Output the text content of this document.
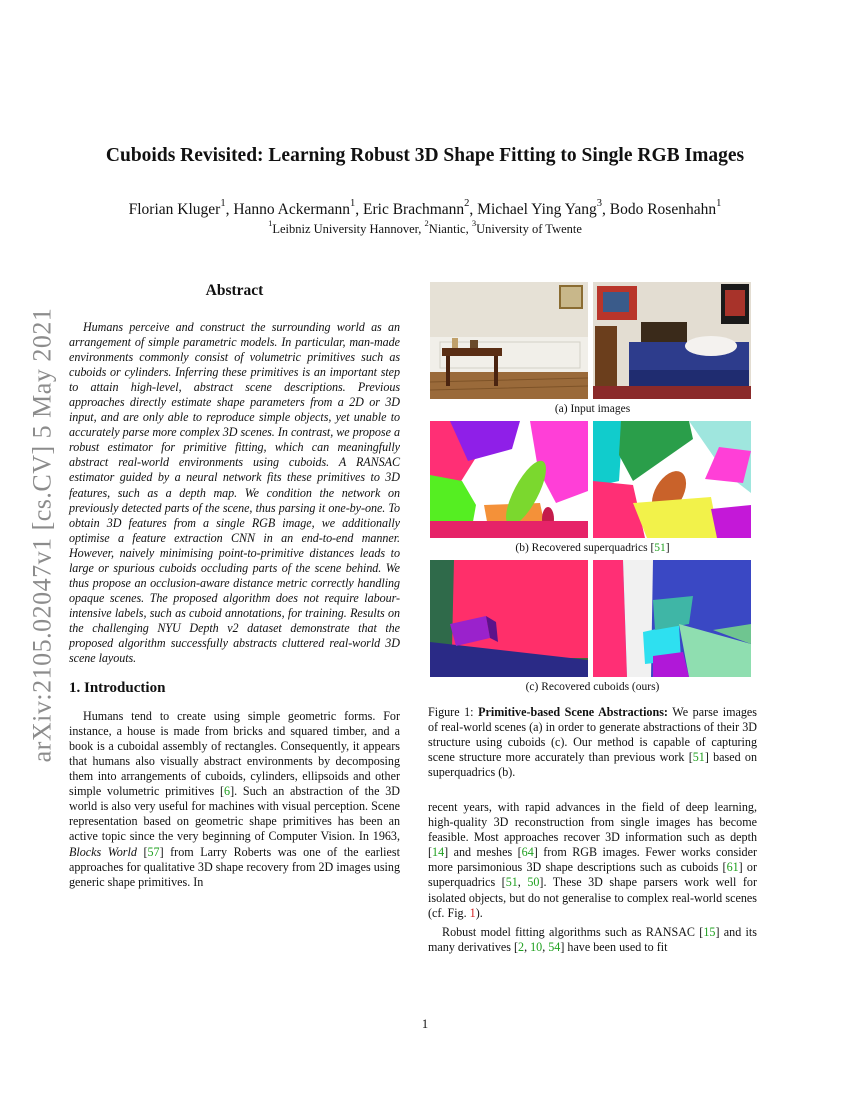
arXiv:2105.02047v1 [cs.CV] 5 May 2021
Cuboids Revisited: Learning Robust 3D Shape Fitting to Single RGB Images

Florian Kluger$^1$, Hanno Ackermann$^1$, Eric Brachmann$^2$, Michael Ying Yang$^3$, Bodo Rosenhahn$^1$

$^1$Leibniz University Hannover, $^2$Niantic, $^3$University of Twente

Abstract

Humans perceive and construct the surrounding world as an arrangement of simple parametric models. In particular, man-made environments commonly consist of volumetric primitives such as cuboids or cylinders. Inferring these primitives is an important step to attain high-level, abstract scene descriptions. Previous approaches directly estimate shape parameters from a 2D or 3D input, and are only able to reproduce simple objects, yet unable to accurately parse more complex 3D scenes. In contrast, we propose a robust estimator for primitive fitting, which can meaningfully abstract real-world environments using cuboids. A RANSAC estimator guided by a neural network fits these primitives to 3D features, such as a depth map. We condition the network on previously detected parts of the scene, thus parsing it one-by-one. To obtain 3D features from a single RGB image, we additionally optimise a feature extraction CNN in an end-to-end manner. However, naively minimising point-to-primitive distances leads to large or spurious cuboids occluding parts of the scene behind. We thus propose an occlusion-aware distance metric correctly handling opaque scenes. The proposed algorithm does not require labour-intensive labels, such as cuboid annotations, for training. Results on the challenging NYU Depth v2 dataset demonstrate that the proposed algorithm successfully abstracts cluttered real-world 3D scene layouts.

1. Introduction

Humans tend to create using simple geometric forms. For instance, a house is made from bricks and squared timber, and a book is a cuboidal assembly of rectangles. Consequently, it appears that humans also visually abstract environments by decomposing them into arrangements of cuboids, cylinders, ellipsoids and other simple volumetric primitives [6]. Such an abstraction of the 3D world is also very useful for machines with visual perception. Scene representation based on geometric shape primitives has been an active topic since the very beginning of Computer Vision. In 1963, Blocks World [57] from Larry Roberts was one of the earliest approaches for qualitative 3D shape recovery from 2D images using generic shape primitives. In

(a) Input images
(b) Recovered superquadrics [51]
(c) Recovered cuboids (ours)

Figure 1: Primitive-based Scene Abstractions: We parse images of real-world scenes (a) in order to generate abstractions of their 3D structure using cuboids (c). Our method is capable of capturing scene structure more accurately than previous work [51] based on superquadrics (b).

recent years, with rapid advances in the field of deep learning, high-quality 3D reconstruction from single images has become feasible. Most approaches recover 3D information such as depth [14] and meshes [64] from RGB images. Fewer works consider more parsimonious 3D shape descriptions such as cuboids [61] or superquadrics [51, 50]. These 3D shape parsers work well for isolated objects, but do not generalise to complex real-world scenes (cf. Fig. 1).

Robust model fitting algorithms such as RANSAC [15] and its many derivatives [2, 10, 54] have been used to fit

1
